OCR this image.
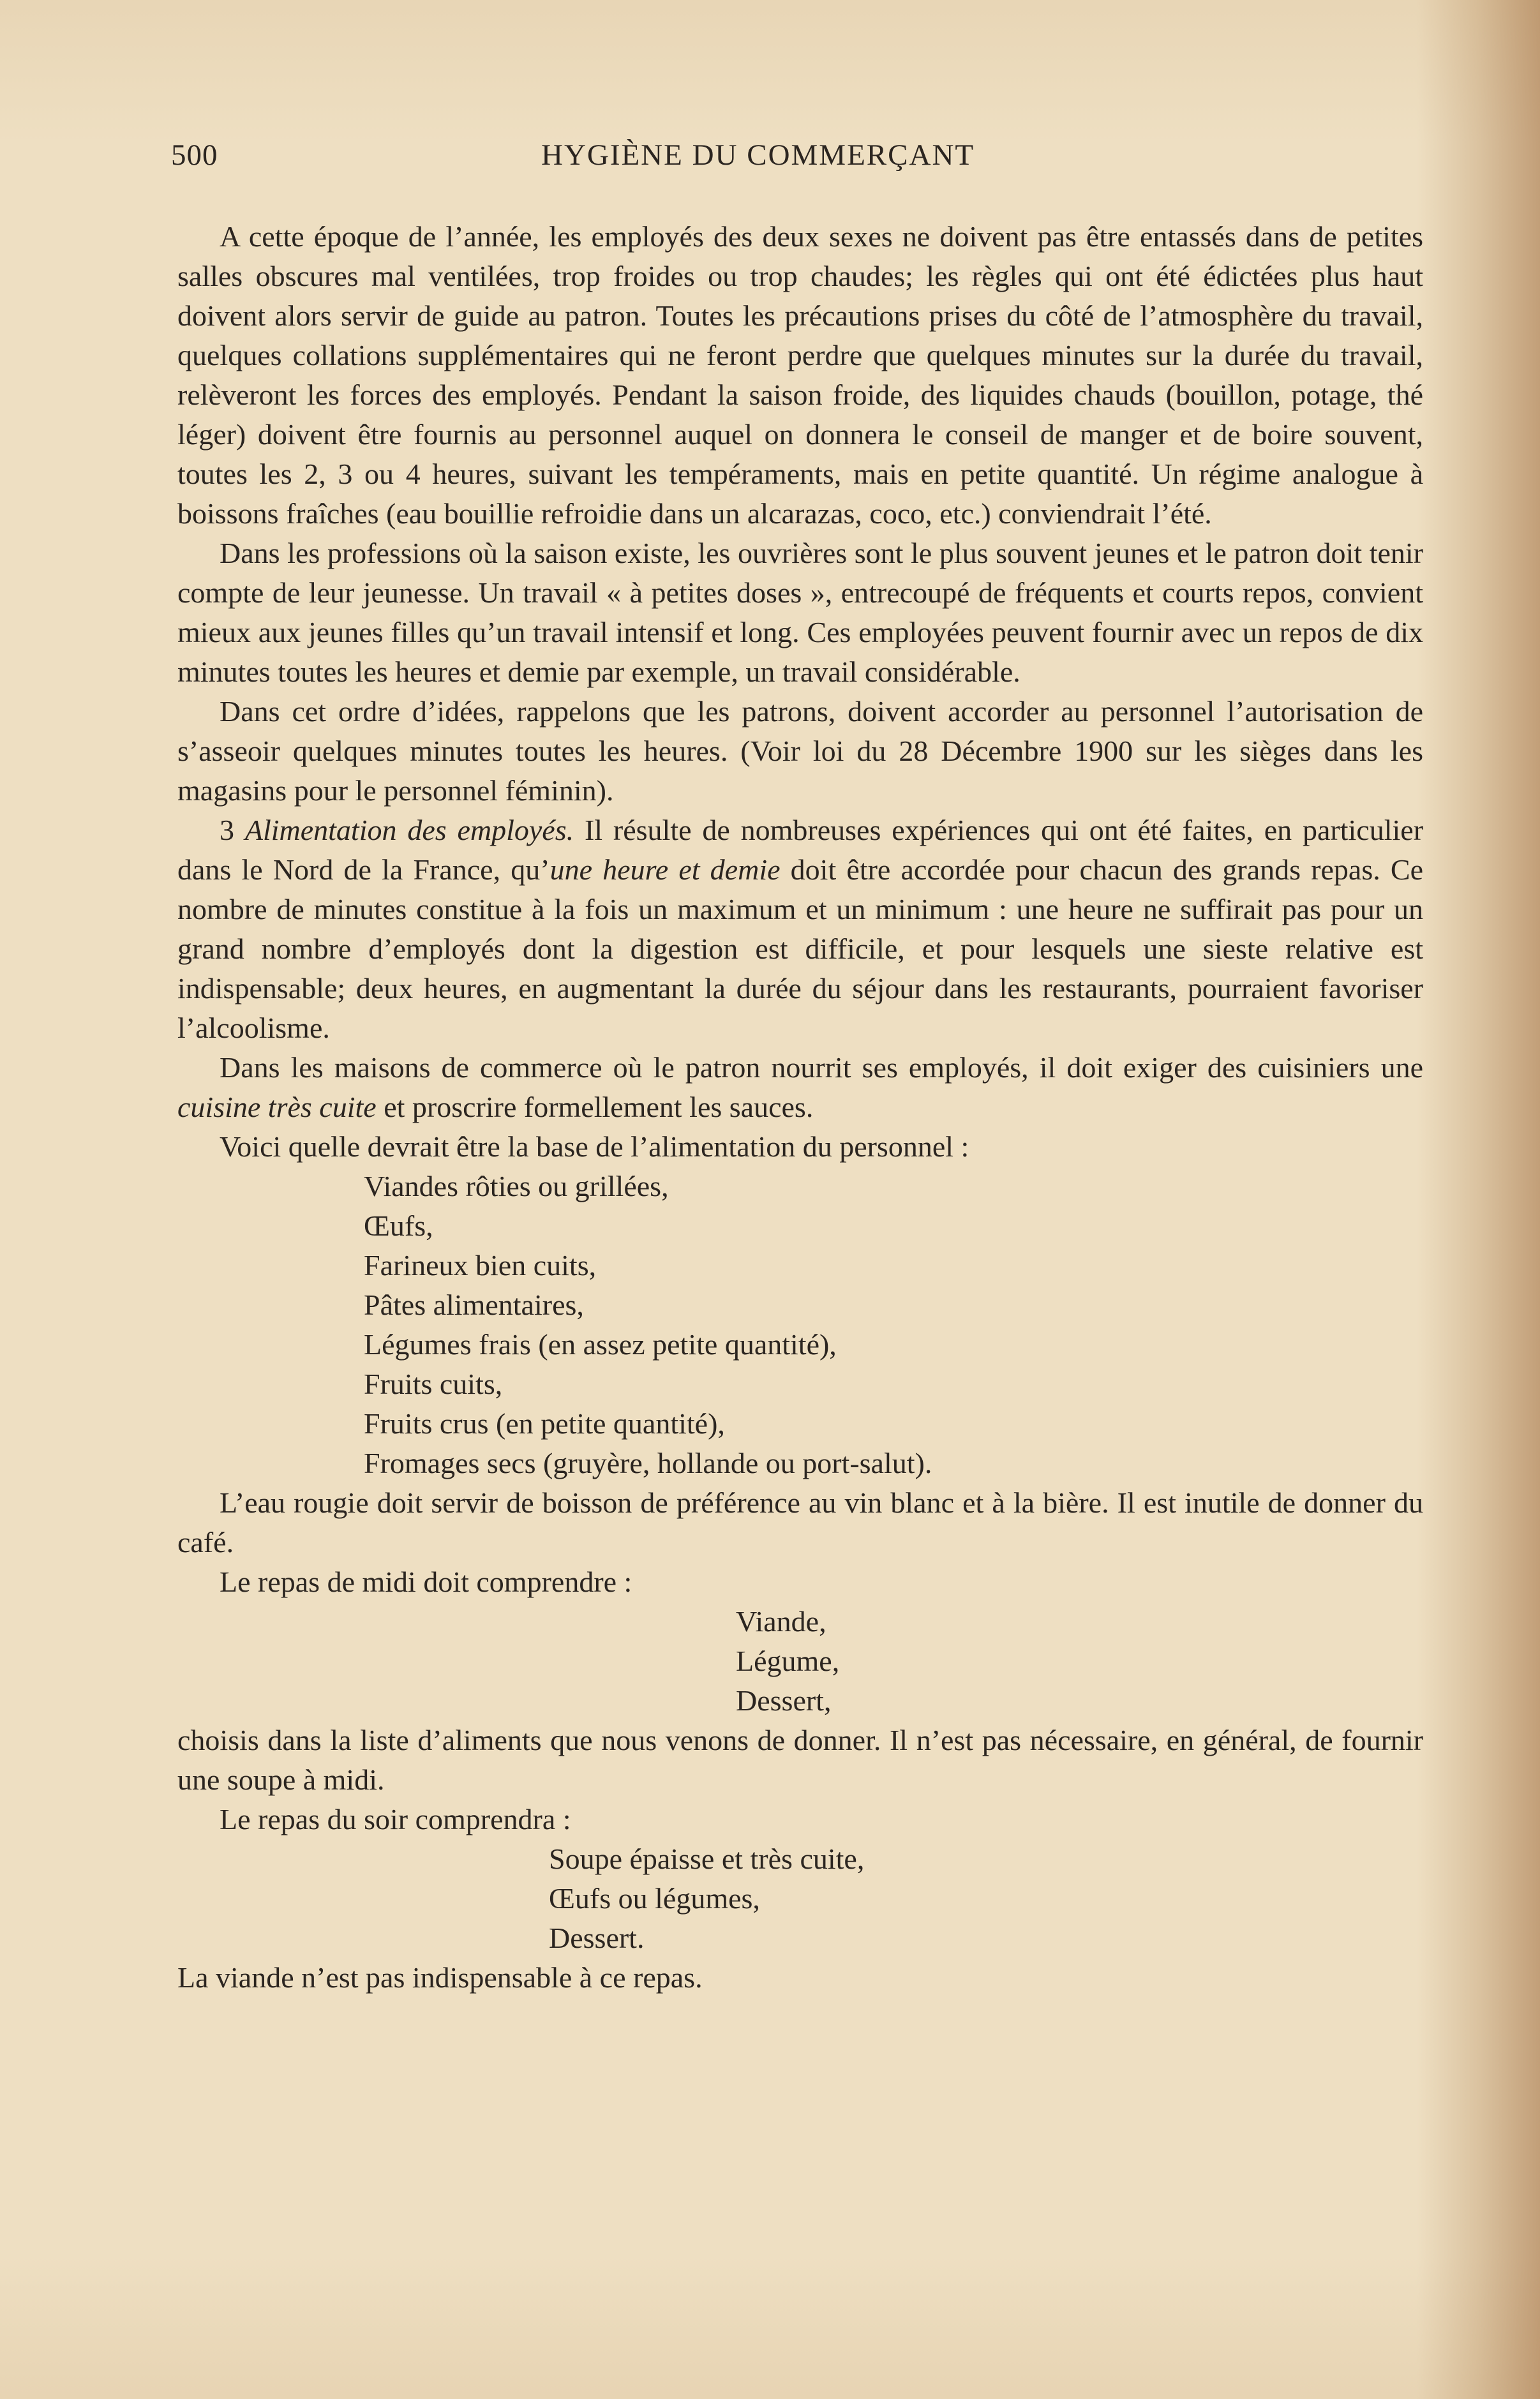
500	HYGIÈNE DU COMMERÇANT

A cette époque de l’année, les employés des deux sexes ne doivent pas être entassés dans de petites salles obscures mal ventilées, trop froides ou trop chaudes; les règles qui ont été édictées plus haut doivent alors servir de guide au patron. Toutes les précautions prises du côté de l’atmosphère du travail, quelques collations supplémentaires qui ne feront perdre que quelques minutes sur la durée du travail, relèveront les forces des employés. Pendant la saison froide, des liquides chauds (bouillon, potage, thé léger) doivent être fournis au personnel auquel on donnera le conseil de manger et de boire souvent, toutes les 2, 3 ou 4 heures, suivant les tempéraments, mais en petite quantité. Un régime analogue à boissons fraîches (eau bouillie refroidie dans un alcarazas, coco, etc.) conviendrait l’été.

Dans les professions où la saison existe, les ouvrières sont le plus souvent jeunes et le patron doit tenir compte de leur jeunesse. Un travail « à petites doses », entrecoupé de fréquents et courts repos, convient mieux aux jeunes filles qu’un travail intensif et long. Ces employées peuvent fournir avec un repos de dix minutes toutes les heures et demie par exemple, un travail considérable.

Dans cet ordre d’idées, rappelons que les patrons, doivent accorder au personnel l’autorisation de s’asseoir quelques minutes toutes les heures. (Voir loi du 28 Décembre 1900 sur les sièges dans les magasins pour le personnel féminin).

3 Alimentation des employés. Il résulte de nombreuses expériences qui ont été faites, en particulier dans le Nord de la France, qu’une heure et demie doit être accordée pour chacun des grands repas. Ce nombre de minutes constitue à la fois un maximum et un minimum : une heure ne suffirait pas pour un grand nombre d’employés dont la digestion est difficile, et pour lesquels une sieste relative est indispensable; deux heures, en augmentant la durée du séjour dans les restaurants, pourraient favoriser l’alcoolisme.

Dans les maisons de commerce où le patron nourrit ses employés, il doit exiger des cuisiniers une cuisine très cuite et proscrire formellement les sauces.

Voici quelle devrait être la base de l’alimentation du personnel :

Viandes rôties ou grillées,
Œufs,
Farineux bien cuits,
Pâtes alimentaires,
Légumes frais (en assez petite quantité),
Fruits cuits,
Fruits crus (en petite quantité),
Fromages secs (gruyère, hollande ou port-salut).

L’eau rougie doit servir de boisson de préférence au vin blanc et à la bière. Il est inutile de donner du café.

Le repas de midi doit comprendre :

Viande,
Légume,
Dessert,

choisis dans la liste d’aliments que nous venons de donner. Il n’est pas nécessaire, en général, de fournir une soupe à midi.

Le repas du soir comprendra :

Soupe épaisse et très cuite,
Œufs ou légumes,
Dessert.

La viande n’est pas indispensable à ce repas.
